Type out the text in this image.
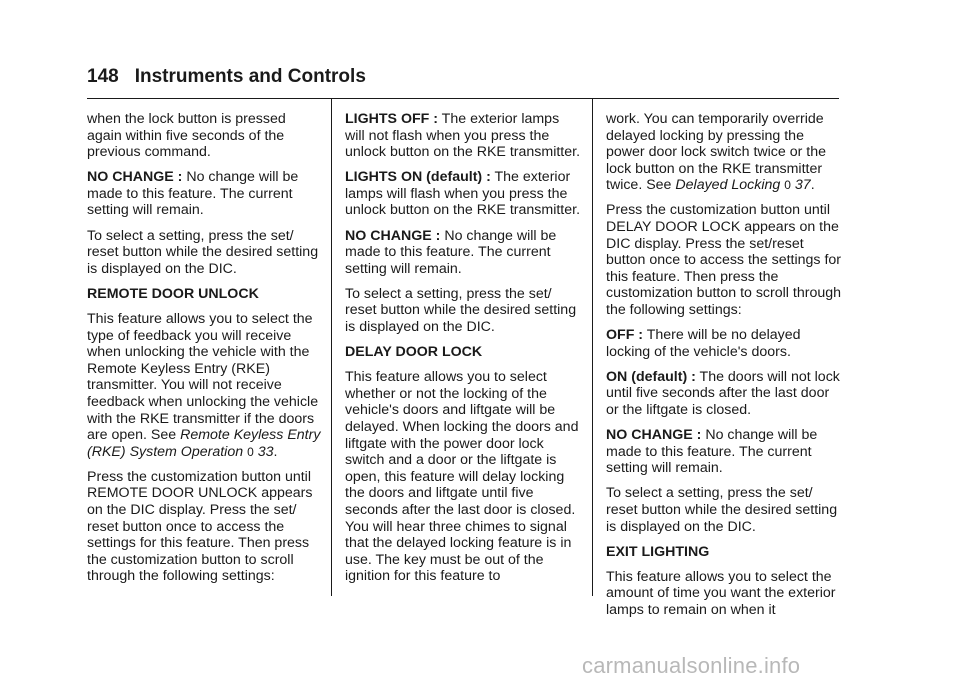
148 Instruments and Controls

when the lock button is pressed again within five seconds of the previous command.

NO CHANGE : No change will be made to this feature. The current setting will remain.

To select a setting, press the set/ reset button while the desired setting is displayed on the DIC.

REMOTE DOOR UNLOCK

This feature allows you to select the type of feedback you will receive when unlocking the vehicle with the Remote Keyless Entry (RKE) transmitter. You will not receive feedback when unlocking the vehicle with the RKE transmitter if the doors are open. See Remote Keyless Entry (RKE) System Operation 0 33.

Press the customization button until REMOTE DOOR UNLOCK appears on the DIC display. Press the set/ reset button once to access the settings for this feature. Then press the customization button to scroll through the following settings:

LIGHTS OFF : The exterior lamps will not flash when you press the unlock button on the RKE transmitter.

LIGHTS ON (default) : The exterior lamps will flash when you press the unlock button on the RKE transmitter.

NO CHANGE : No change will be made to this feature. The current setting will remain.

To select a setting, press the set/ reset button while the desired setting is displayed on the DIC.

DELAY DOOR LOCK

This feature allows you to select whether or not the locking of the vehicle's doors and liftgate will be delayed. When locking the doors and liftgate with the power door lock switch and a door or the liftgate is open, this feature will delay locking the doors and liftgate until five seconds after the last door is closed. You will hear three chimes to signal that the delayed locking feature is in use. The key must be out of the ignition for this feature to

work. You can temporarily override delayed locking by pressing the power door lock switch twice or the lock button on the RKE transmitter twice. See Delayed Locking 0 37.

Press the customization button until DELAY DOOR LOCK appears on the DIC display. Press the set/reset button once to access the settings for this feature. Then press the customization button to scroll through the following settings:

OFF : There will be no delayed locking of the vehicle's doors.

ON (default) : The doors will not lock until five seconds after the last door or the liftgate is closed.

NO CHANGE : No change will be made to this feature. The current setting will remain.

To select a setting, press the set/ reset button while the desired setting is displayed on the DIC.

EXIT LIGHTING

This feature allows you to select the amount of time you want the exterior lamps to remain on when it

carmanualsonline.info
